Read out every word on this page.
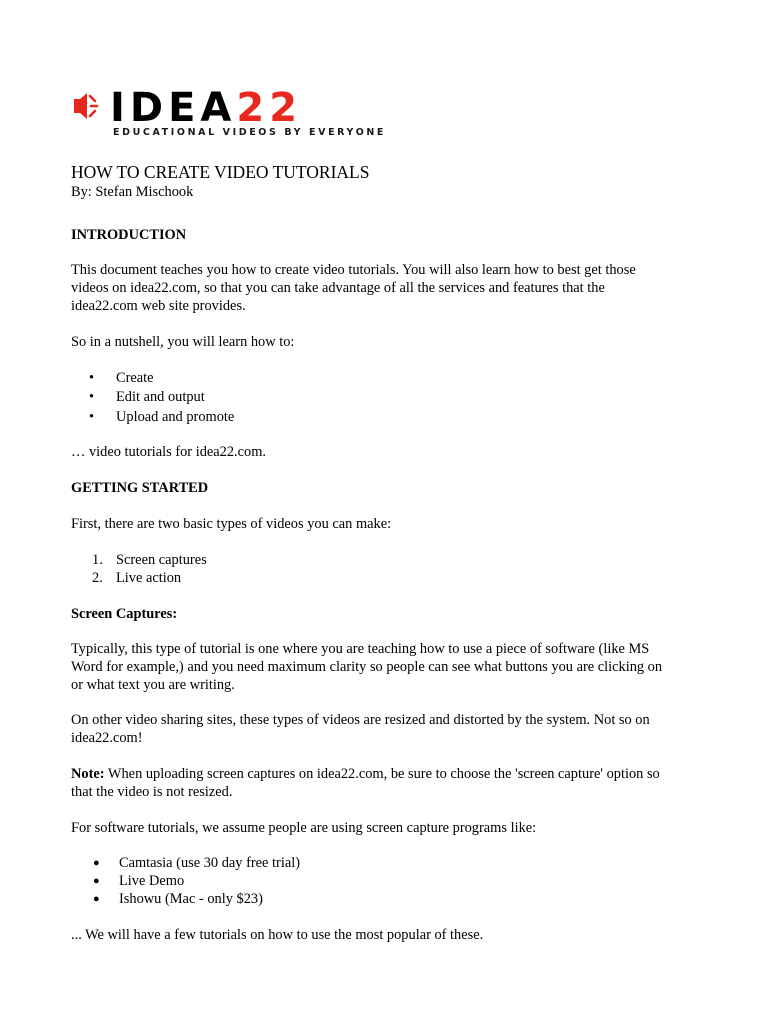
IDEA22
EDUCATIONAL VIDEOS BY EVERYONE
HOW TO CREATE VIDEO TUTORIALS
By: Stefan Mischook
INTRODUCTION

This document teaches you how to create video tutorials. You will also learn how to best get those
videos on idea22.com, so that you can take advantage of all the services and features that the
idea22.com web site provides.

So in a nutshell, you will learn how to:
• Create
• Edit and output
• Upload and promote
… video tutorials for idea22.com.
GETTING STARTED
First, there are two basic types of videos you can make:
1. Screen captures
2. Live action
Screen Captures:

Typically, this type of tutorial is one where you are teaching how to use a piece of software (like MS
Word for example,) and you need maximum clarity so people can see what buttons you are clicking on
or what text you are writing.

On other video sharing sites, these types of videos are resized and distorted by the system. Not so on
idea22.com!

Note: When uploading screen captures on idea22.com, be sure to choose the 'screen capture' option so
that the video is not resized.

For software tutorials, we assume people are using screen capture programs like:
● Camtasia (use 30 day free trial)
● Live Demo
● Ishowu (Mac - only $23)
... We will have a few tutorials on how to use the most popular of these.
